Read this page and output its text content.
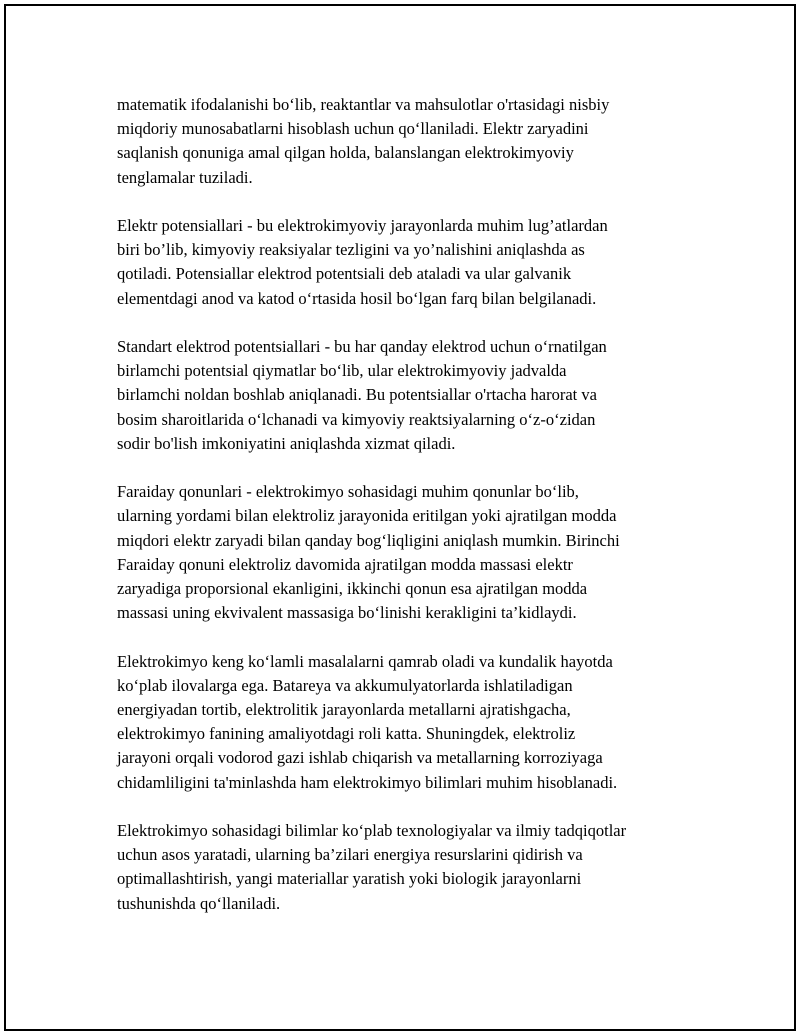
matematik ifodalanishi bo‘lib, reaktantlar va mahsulotlar o'rtasidagi nisbiy
miqdoriy munosabatlarni hisoblash uchun qo‘llaniladi. Elektr zaryadini
saqlanish qonuniga amal qilgan holda, balanslangan elektrokimyoviy
tenglamalar tuziladi.

Elektr potensiallari - bu elektrokimyoviy jarayonlarda muhim lug’atlardan
biri bo’lib, kimyoviy reaksiyalar tezligini va yo’nalishini aniqlashda as
qotiladi. Potensiallar elektrod potentsiali deb ataladi va ular galvanik
elementdagi anod va katod o‘rtasida hosil bo‘lgan farq bilan belgilanadi.

Standart elektrod potentsiallari - bu har qanday elektrod uchun o‘rnatilgan
birlamchi potentsial qiymatlar bo‘lib, ular elektrokimyoviy jadvalda
birlamchi noldan boshlab aniqlanadi. Bu potentsiallar o'rtacha harorat va
bosim sharoitlarida o‘lchanadi va kimyoviy reaktsiyalarning o‘z-o‘zidan
sodir bo'lish imkoniyatini aniqlashda xizmat qiladi.

Faraiday qonunlari - elektrokimyo sohasidagi muhim qonunlar bo‘lib,
ularning yordami bilan elektroliz jarayonida eritilgan yoki ajratilgan modda
miqdori elektr zaryadi bilan qanday bog‘liqligini aniqlash mumkin. Birinchi
Faraiday qonuni elektroliz davomida ajratilgan modda massasi elektr
zaryadiga proporsional ekanligini, ikkinchi qonun esa ajratilgan modda
massasi uning ekvivalent massasiga bo‘linishi kerakligini ta’kidlaydi.

Elektrokimyo keng ko‘lamli masalalarni qamrab oladi va kundalik hayotda
ko‘plab ilovalarga ega. Batareya va akkumulyatorlarda ishlatiladigan
energiyadan tortib, elektrolitik jarayonlarda metallarni ajratishgacha,
elektrokimyo fanining amaliyotdagi roli katta. Shuningdek, elektroliz
jarayoni orqali vodorod gazi ishlab chiqarish va metallarning korroziyaga
chidamliligini ta'minlashda ham elektrokimyo bilimlari muhim hisoblanadi.

Elektrokimyo sohasidagi bilimlar ko‘plab texnologiyalar va ilmiy tadqiqotlar
uchun asos yaratadi, ularning ba’zilari energiya resurslarini qidirish va
optimallashtirish, yangi materiallar yaratish yoki biologik jarayonlarni
tushunishda qo‘llaniladi.
